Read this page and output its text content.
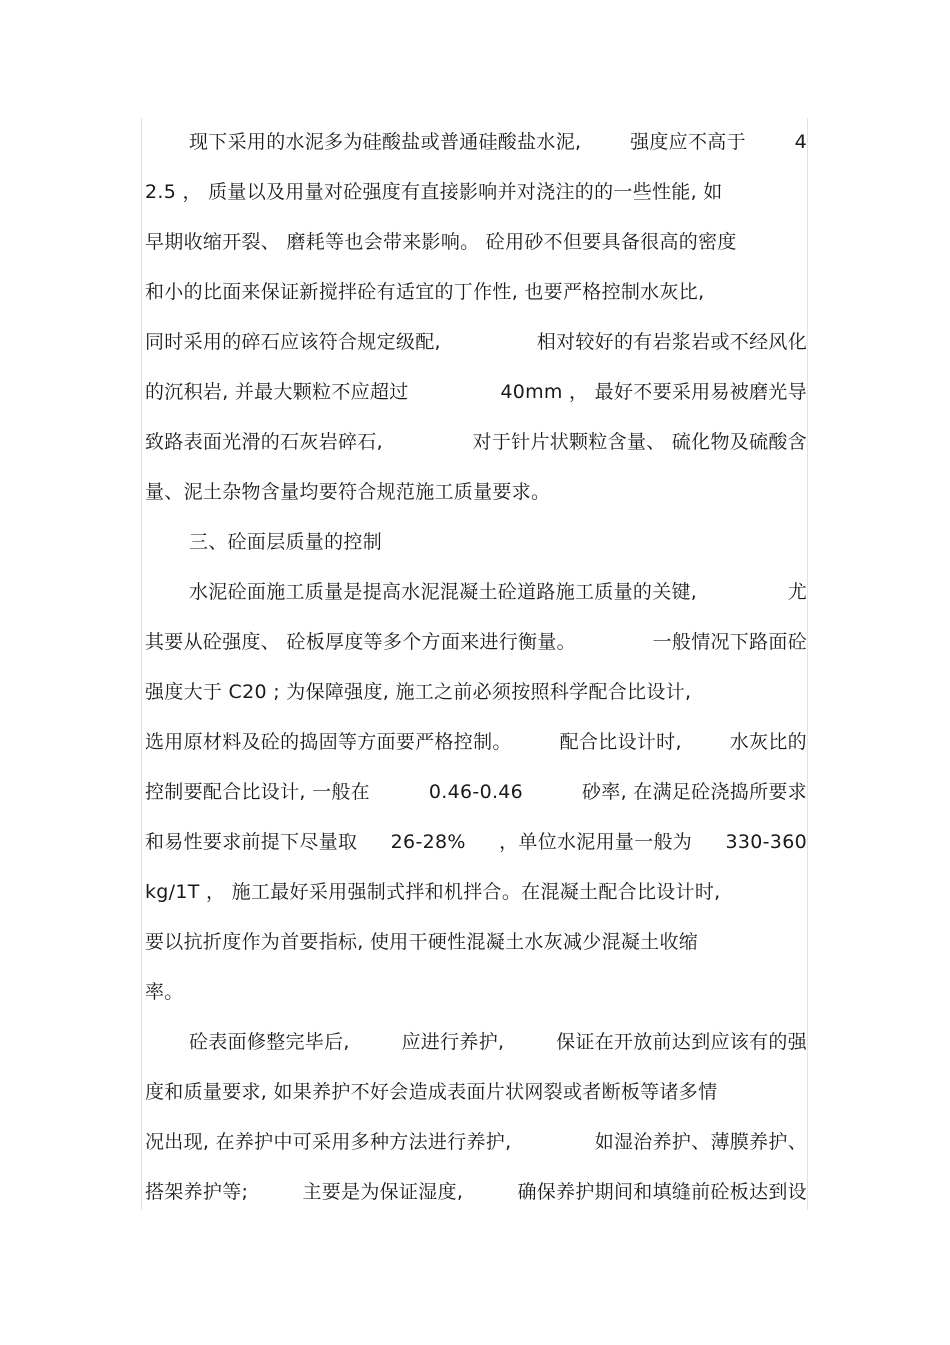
现下采用的水泥多为硅酸盐或普通硅酸盐水泥,	强度应不高于	4
2.5 ， 质量以及用量对砼强度有直接影响并对浇注的的一些性能, 如
早期收缩开裂、 磨耗等也会带来影响。 砼用砂不但要具备很高的密度
和小的比面来保证新搅拌砼有适宜的丁作性, 也要严格控制水灰比,
同时采用的碎石应该符合规定级配,	相对较好的有岩浆岩或不经风化
的沉积岩, 并最大颗粒不应超过	40mm ， 最好不要采用易被磨光导
致路表面光滑的石灰岩碎石,	对于针片状颗粒含量、 硫化物及硫酸含
量、泥土杂物含量均要符合规范施工质量要求。
三、砼面层质量的控制
水泥砼面施工质量是提高水泥混凝土砼道路施工质量的关键,	尤
其要从砼强度、 砼板厚度等多个方面来进行衡量。	一般情况下路面砼
强度大于 C20 ; 为保障强度, 施工之前必须按照科学配合比设计,
选用原材料及砼的捣固等方面要严格控制。	配合比设计时,	水灰比的
控制要配合比设计, 一般在	0.46-0.46	砂率, 在满足砼浇捣所要求
和易性要求前提下尽量取 26-28% ，单位水泥用量一般为 330-360
kg/1T ， 施工最好采用强制式拌和机拌合。在混凝土配合比设计时,
要以抗折度作为首要指标, 使用干硬性混凝土水灰减少混凝土收缩
率。
砼表面修整完毕后,	应进行养护,	保证在开放前达到应该有的强
度和质量要求, 如果养护不好会造成表面片状网裂或者断板等诸多情
况出现, 在养护中可采用多种方法进行养护,	如湿治养护、薄膜养护、
搭架养护等;	主要是为保证湿度,	确保养护期间和填缝前砼板达到设
